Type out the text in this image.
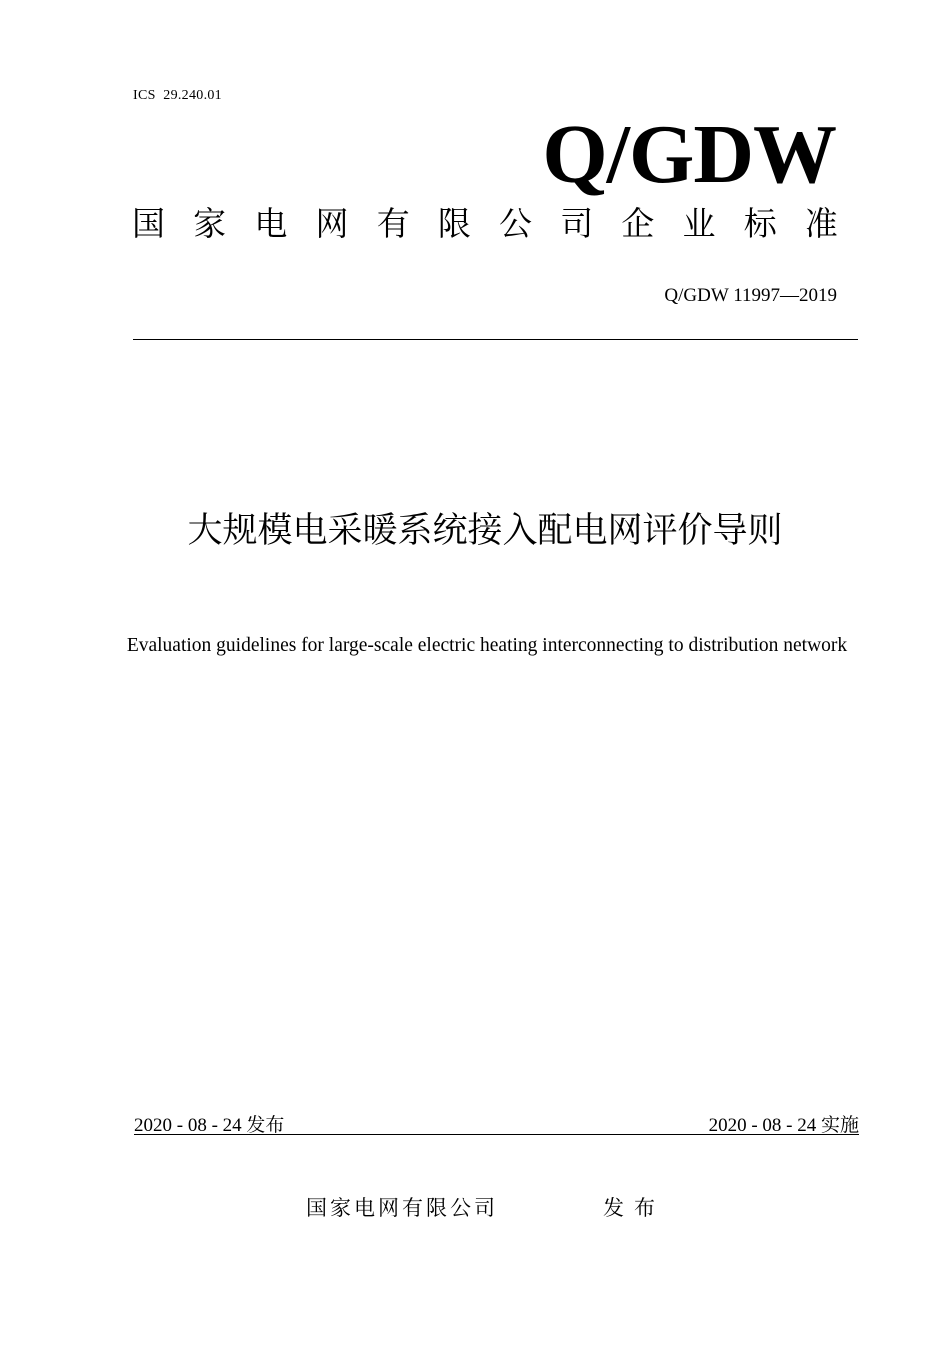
ICS  29.240.01
Q/GDW
国 家 电 网 有 限 公 司 企 业 标 准
Q/GDW 11997—2019
大规模电采暖系统接入配电网评价导则
Evaluation guidelines for large-scale electric heating interconnecting to distribution network
2020 - 08 - 24 发布	2020 - 08 - 24 实施
国家电网有限公司	发布
